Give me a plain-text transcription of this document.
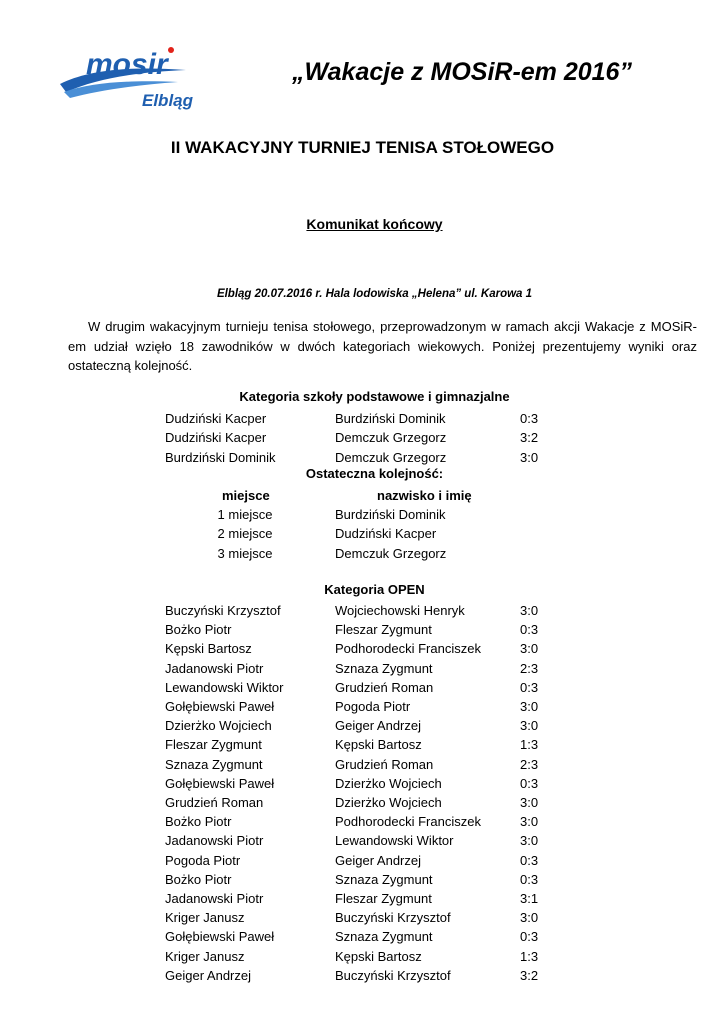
mosir
Elbląg
„Wakacje z MOSiR-em 2016”
II WAKACYJNY TURNIEJ TENISA STOŁOWEGO
Komunikat końcowy
Elbląg 20.07.2016 r. Hala lodowiska „Helena” ul. Karowa 1
W drugim wakacyjnym turnieju tenisa stołowego, przeprowadzonym w ramach akcji Wakacje z MOSiR-em udział wzięło 18 zawodników w dwóch kategoriach wiekowych. Poniżej prezentujemy wyniki oraz ostateczną kolejność.
Kategoria szkoły podstawowe i gimnazjalne
Dudziński Kacper	Burdziński Dominik	0:3
Dudziński Kacper	Demczuk Grzegorz	3:2
Burdziński Dominik	Demczuk Grzegorz	3:0
Ostateczna kolejność:
miejsce	nazwisko i imię
1 miejsce	Burdziński Dominik
2 miejsce	Dudziński Kacper
3 miejsce	Demczuk Grzegorz
Kategoria OPEN
Buczyński Krzysztof	Wojciechowski Henryk	3:0
Bożko Piotr	Fleszar Zygmunt	0:3
Kępski Bartosz	Podhorodecki Franciszek	3:0
Jadanowski Piotr	Sznaza Zygmunt	2:3
Lewandowski Wiktor	Grudzień Roman	0:3
Gołębiewski Paweł	Pogoda Piotr	3:0
Dzierżko Wojciech	Geiger Andrzej	3:0
Fleszar Zygmunt	Kępski Bartosz	1:3
Sznaza Zygmunt	Grudzień Roman	2:3
Gołębiewski Paweł	Dzierżko Wojciech	0:3
Grudzień Roman	Dzierżko Wojciech	3:0
Bożko Piotr	Podhorodecki Franciszek	3:0
Jadanowski Piotr	Lewandowski Wiktor	3:0
Pogoda Piotr	Geiger Andrzej	0:3
Bożko Piotr	Sznaza Zygmunt	0:3
Jadanowski Piotr	Fleszar Zygmunt	3:1
Kriger Janusz	Buczyński Krzysztof	3:0
Gołębiewski Paweł	Sznaza Zygmunt	0:3
Kriger Janusz	Kępski Bartosz	1:3
Geiger Andrzej	Buczyński Krzysztof	3:2
